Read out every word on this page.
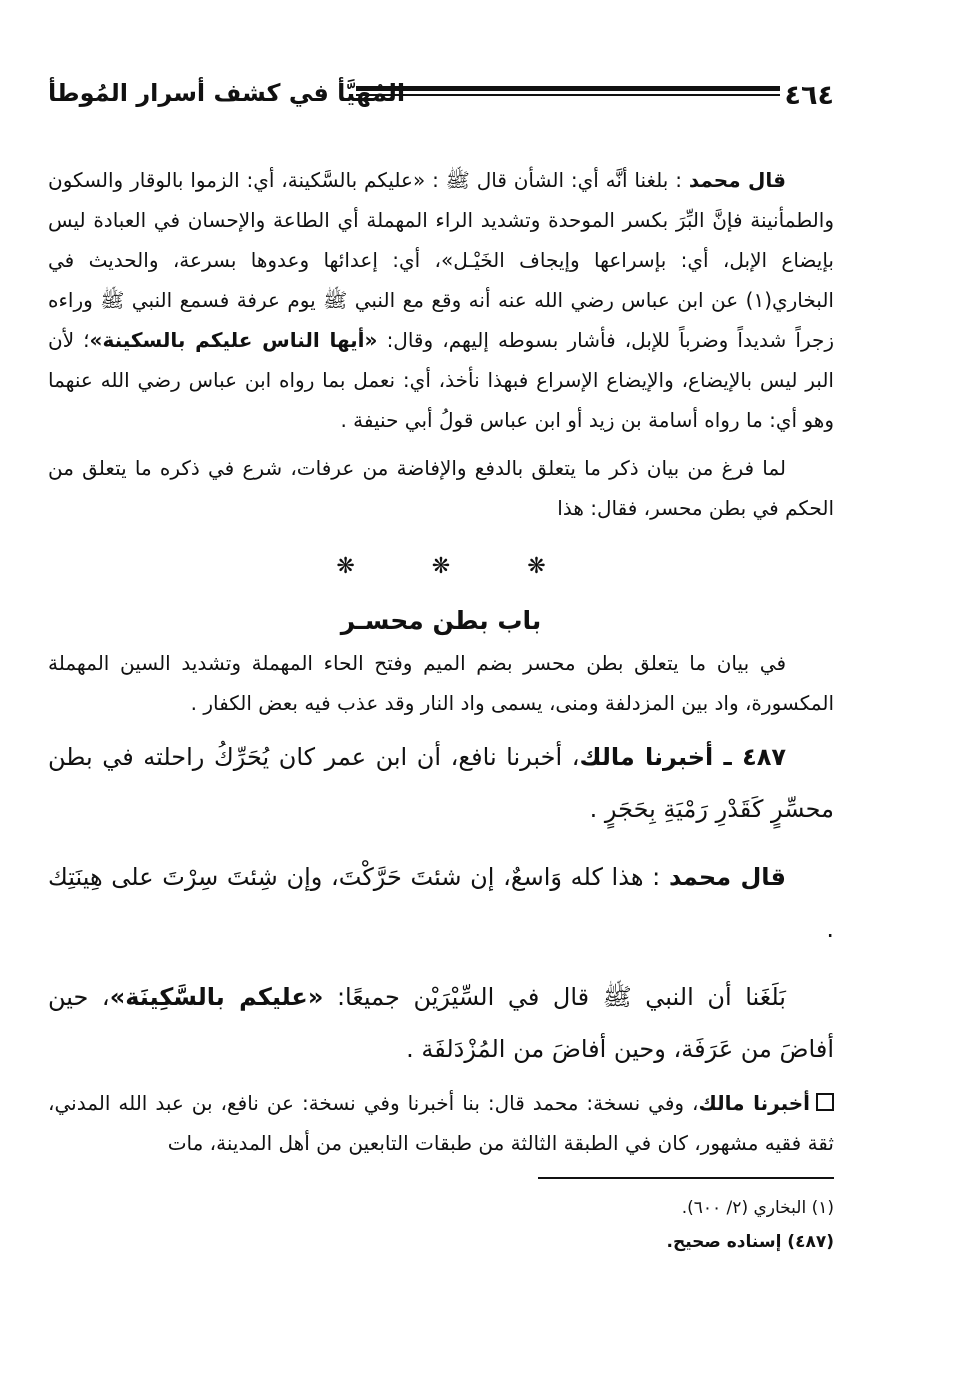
٤٦٤
المُهَيَّأ في كشف أسرار المُوطأ

قال محمد : بلغنا أنَّه أي: الشأن قال ﷺ : «عليكم بالسَّكينة، أي: الزموا بالوقار والسكون والطمأنينة فإنَّ البِّرَ بكسر الموحدة وتشديد الراء المهملة أي الطاعة والإحسان في العبادة ليس بإيضاع الإبل، أي: بإسراعها وإيجاف الخَيْـل»، أي: إعدائها وعدوها بسرعة، والحديث في البخاري(١) عن ابن عباس رضي الله عنه أنه وقع مع النبي ﷺ يوم عرفة فسمع النبي ﷺ وراءه زجراً شديداً وضرباً للإبل، فأشار بسوطه إليهم، وقال: «أيها الناس عليكم بالسكينة»؛ لأن البر ليس بالإيضاع، والإيضاع الإسراع فبهذا نأخذ، أي: نعمل بما رواه ابن عباس رضي الله عنهما وهو أي: ما رواه أسامة بن زيد أو ابن عباس قولُ أبي حنيفة .

لما فرغ من بيان ذكر ما يتعلق بالدفع والإفاضة من عرفات، شرع في ذكره ما يتعلق من الحكم في بطن محسر، فقال: هذا

❋ ❋ ❋
باب بطن محسـر

في بيان ما يتعلق بطن محسر بضم الميم وفتح الحاء المهملة وتشديد السين المهملة المكسورة، واد بين المزدلفة ومنى، يسمى واد النار وقد عذب فيه بعض الكفار .

٤٨٧ ـ أخبرنا مالك، أخبرنا نافع، أن ابن عمر كان يُحَرِّكُ راحلته في بطن محسِّرٍ كَقَدْرِ رَمْيَةِ بِحَجَرٍ .

قال محمد : هذا كله وَاسعٌ، إن شئتَ حَرَّكْتَ، وإن شِئتَ سِرْتَ على هِينَتِك .

بَلَغَنا أن النبي ﷺ قال في السِّيْرَيْن جميعًا: «عليكم بالسَّكِينَة»، حين أفاضَ من عَرَفَة، وحين أفاضَ من المُزْدَلفَة .

أخبرنا مالك، وفي نسخة: محمد قال: بنا أخبرنا وفي نسخة: عن نافع، بن عبد الله المدني، ثقة فقيه مشهور، كان في الطبقة الثالثة من طبقات التابعين من أهل المدينة، مات

(١) البخاري (٢/ ٦٠٠).

(٤٨٧) إسناده صحيح.
